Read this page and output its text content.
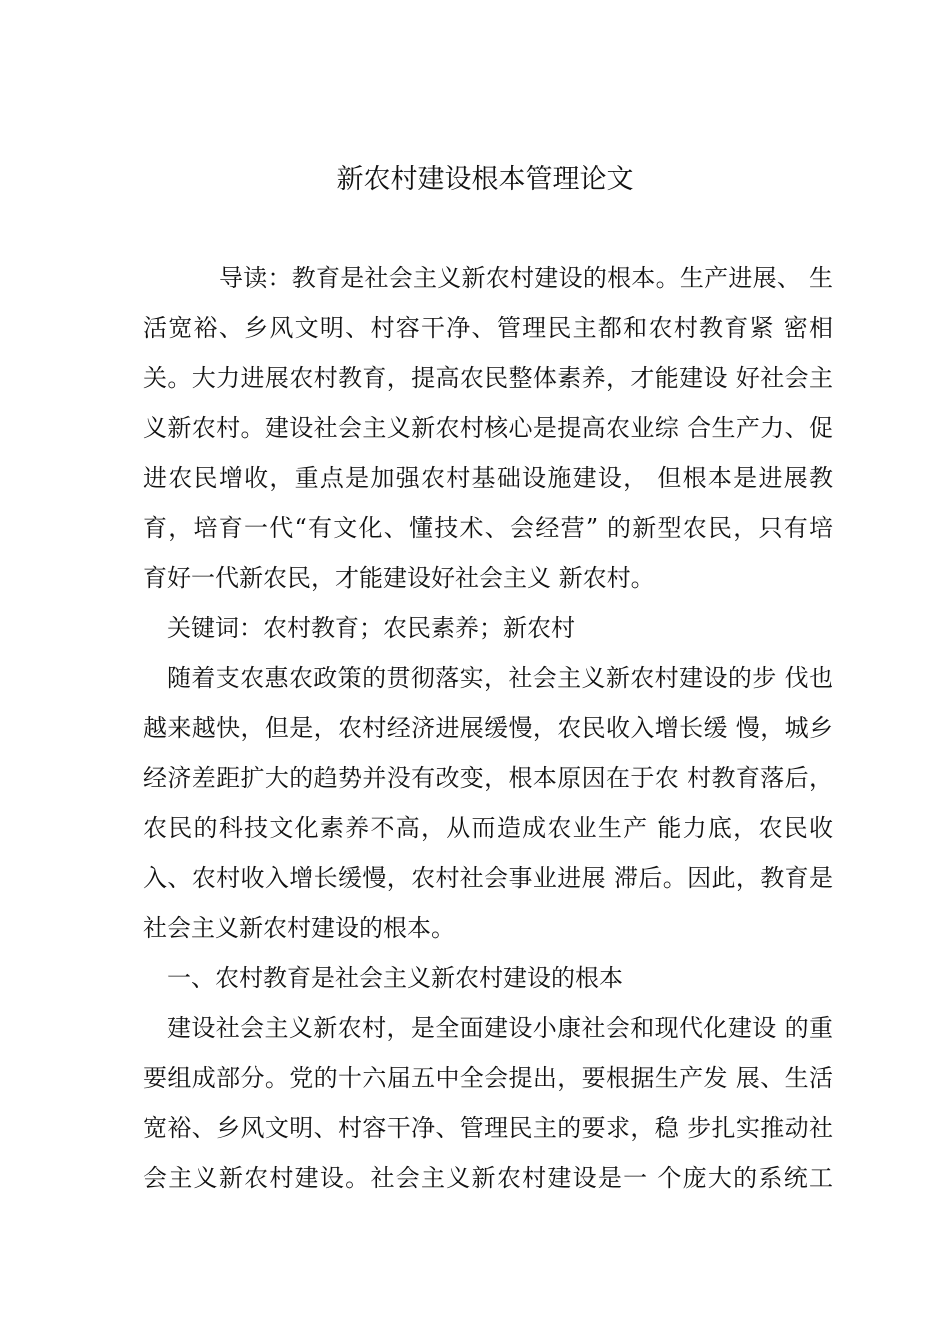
新农村建设根本管理论文
导读：教育是社会主义新农村建设的根本。生产进展、 生
活宽裕、乡风文明、村容干净、管理民主都和农村教育紧 密相
关。大力进展农村教育，提高农民整体素养，才能建设 好社会主
义新农村。建设社会主义新农村核心是提高农业综 合生产力、促
进农民增收，重点是加强农村基础设施建设， 但根本是进展教
育，培育一代“有文化、懂技术、会经营” 的新型农民，只有培
育好一代新农民，才能建设好社会主义 新农村。
关键词：农村教育；农民素养；新农村
随着支农惠农政策的贯彻落实，社会主义新农村建设的步 伐也
越来越快，但是，农村经济进展缓慢，农民收入增长缓 慢，城乡
经济差距扩大的趋势并没有改变，根本原因在于农 村教育落后，
农民的科技文化素养不高，从而造成农业生产 能力底，农民收
入、农村收入增长缓慢，农村社会事业进展 滞后。因此，教育是
社会主义新农村建设的根本。
一、农村教育是社会主义新农村建设的根本
建设社会主义新农村，是全面建设小康社会和现代化建设 的重
要组成部分。党的十六届五中全会提出，要根据生产发 展、生活
宽裕、乡风文明、村容干净、管理民主的要求，稳 步扎实推动社
会主义新农村建设。社会主义新农村建设是一 个庞大的系统工
